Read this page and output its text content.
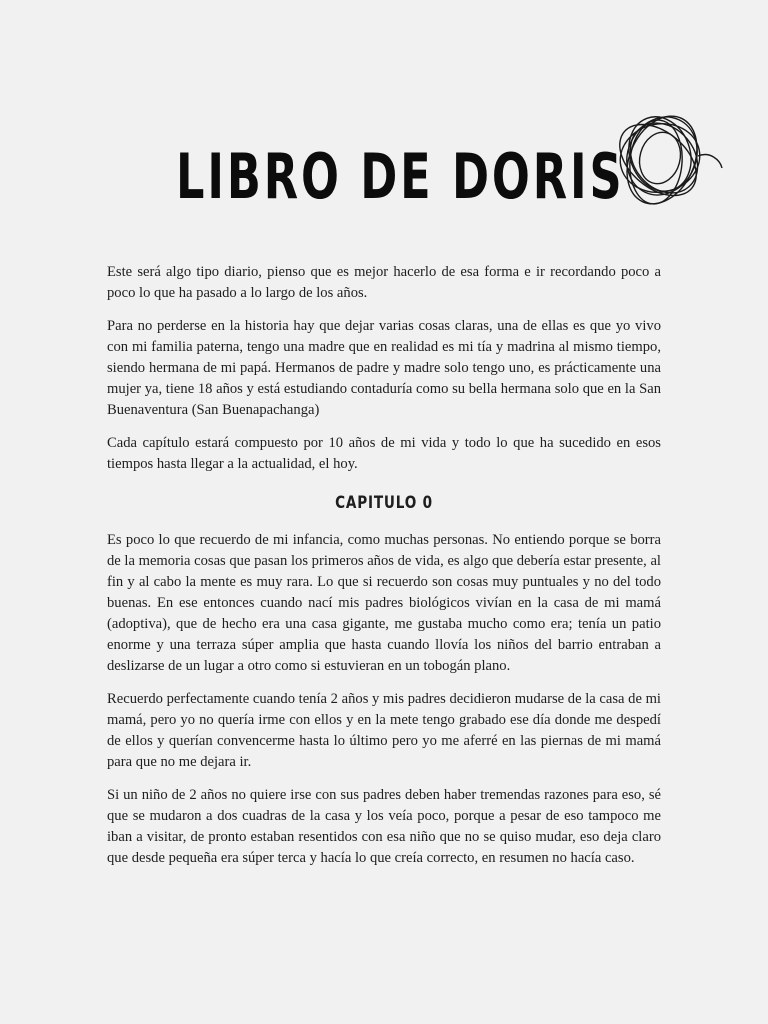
LIBRO DE DORIS

Este será algo tipo diario, pienso que es mejor hacerlo de esa forma e ir recordando poco a poco lo que ha pasado a lo largo de los años.

Para no perderse en la historia hay que dejar varias cosas claras, una de ellas es que yo vivo con mi familia paterna, tengo una madre que en realidad es mi tía y madrina al mismo tiempo, siendo hermana de mi papá. Hermanos de padre y madre solo tengo uno, es prácticamente una mujer ya, tiene 18 años y está estudiando contaduría como su bella hermana solo que en la San Buenaventura (San Buenapachanga)

Cada capítulo estará compuesto por 10 años de mi vida y todo lo que ha sucedido en esos tiempos hasta llegar a la actualidad, el hoy.

CAPITULO 0

Es poco lo que recuerdo de mi infancia, como muchas personas. No entiendo porque se borra de la memoria cosas que pasan los primeros años de vida, es algo que debería estar presente, al fin y al cabo la mente es muy rara. Lo que si recuerdo son cosas muy puntuales y no del todo buenas. En ese entonces cuando nací mis padres biológicos vivían en la casa de mi mamá (adoptiva), que de hecho era una casa gigante, me gustaba mucho como era; tenía un patio enorme y una terraza súper amplia que hasta cuando llovía los niños del barrio entraban a deslizarse de un lugar a otro como si estuvieran en un tobogán plano.

Recuerdo perfectamente cuando tenía 2 años y mis padres decidieron mudarse de la casa de mi mamá, pero yo no quería irme con ellos y en la mete tengo grabado ese día donde me despedí de ellos y querían convencerme hasta lo último pero yo me aferré en las piernas de mi mamá para que no me dejara ir.

Si un niño de 2 años no quiere irse con sus padres deben haber tremendas razones para eso, sé que se mudaron a dos cuadras de la casa y los veía poco, porque a pesar de eso tampoco me iban a visitar, de pronto estaban resentidos con esa niño que no se quiso mudar, eso deja claro que desde pequeña era súper terca y hacía lo que creía correcto, en resumen no hacía caso.
